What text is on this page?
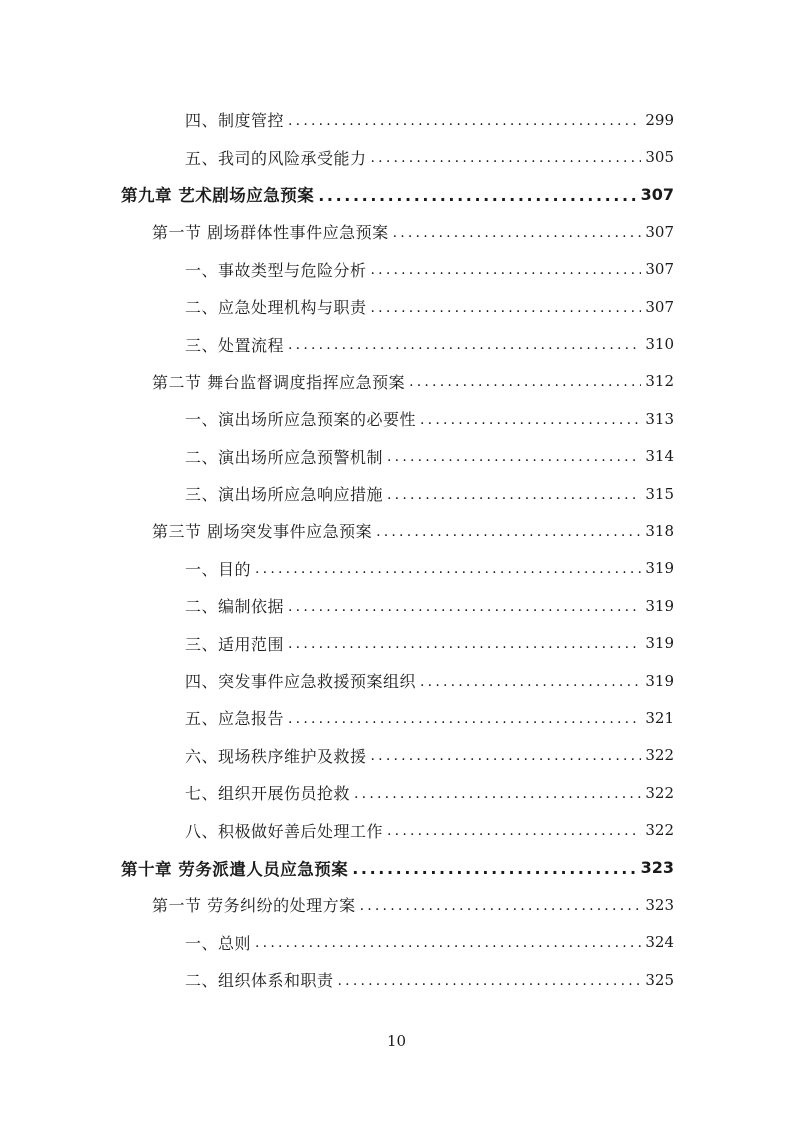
四、制度管控 .....	299
五、我司的风险承受能力 .....	305
第九章 艺术剧场应急预案 .....	307
第一节 剧场群体性事件应急预案 .....	307
一、事故类型与危险分析 .....	307
二、应急处理机构与职责 .....	307
三、处置流程 .....	310
第二节 舞台监督调度指挥应急预案 .....	312
一、演出场所应急预案的必要性 .....	313
二、演出场所应急预警机制 .....	314
三、演出场所应急响应措施 .....	315
第三节 剧场突发事件应急预案 .....	318
一、目的 .....	319
二、编制依据 .....	319
三、适用范围 .....	319
四、突发事件应急救援预案组织 .....	319
五、应急报告 .....	321
六、现场秩序维护及救援 .....	322
七、组织开展伤员抢救 .....	322
八、积极做好善后处理工作 .....	322
第十章 劳务派遣人员应急预案 .....	323
第一节 劳务纠纷的处理方案 .....	323
一、总则 .....	324
二、组织体系和职责 .....	325
10
